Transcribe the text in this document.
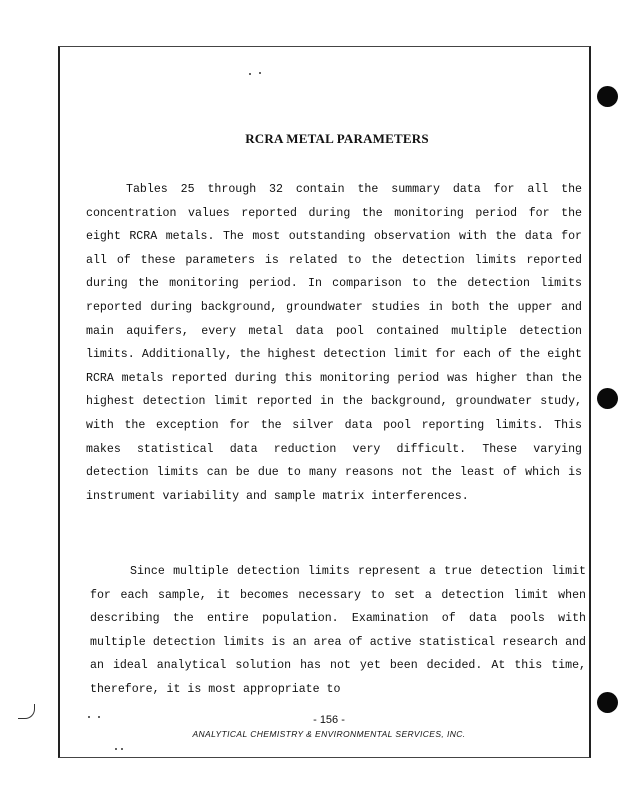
RCRA METAL PARAMETERS

Tables 25 through 32 contain the summary data for all the concentration values reported during the monitoring period for the eight RCRA metals. The most outstanding observation with the data for all of these parameters is related to the detection limits reported during the monitoring period. In comparison to the detection limits reported during background, groundwater studies in both the upper and main aquifers, every metal data pool contained multiple detection limits. Additionally, the highest detection limit for each of the eight RCRA metals reported during this monitoring period was higher than the highest detection limit reported in the background, groundwater study, with the exception for the silver data pool reporting limits. This makes statistical data reduction very difficult. These varying detection limits can be due to many reasons not the least of which is instrument variability and sample matrix interferences.

Since multiple detection limits represent a true detection limit for each sample, it becomes necessary to set a detection limit when describing the entire population. Examination of data pools with multiple detection limits is an area of active statistical research and an ideal analytical solution has not yet been decided. At this time, therefore, it is most appropriate to

- 156 -
ANALYTICAL CHEMISTRY & ENVIRONMENTAL SERVICES, INC.
